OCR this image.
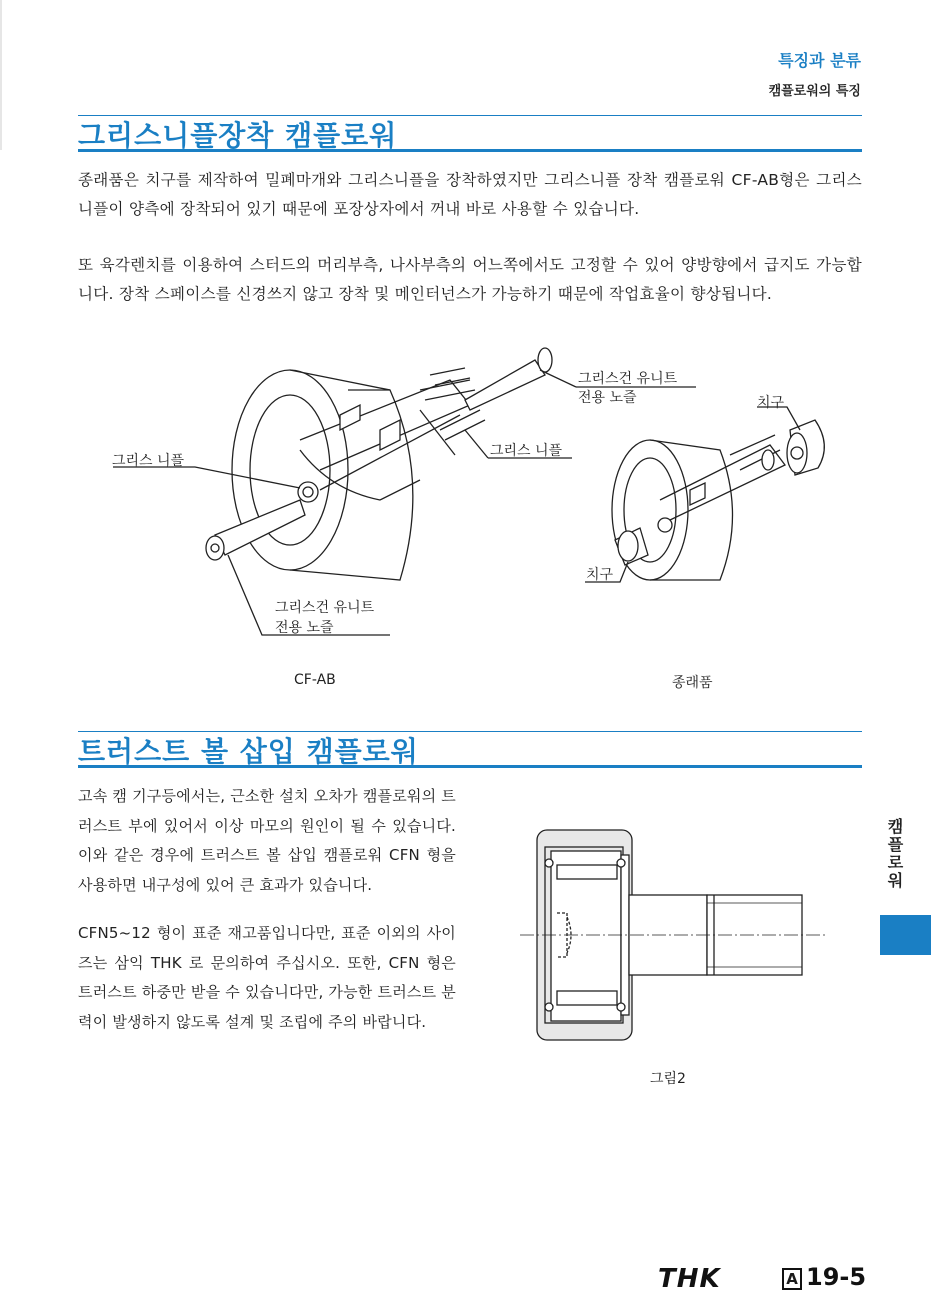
특징과 분류
캠플로워의 특징
그리스니플장착 캠플로워

종래품은 치구를 제작하여 밀폐마개와 그리스니플을 장착하였지만 그리스니플 장착 캠플로워 CF-AB형은 그리스니플이 양측에 장착되어 있기 때문에 포장상자에서 꺼내 바로 사용할 수 있습니다.

또 육각렌치를 이용하여 스터드의 머리부측, 나사부측의 어느쪽에서도 고정할 수 있어 양방향에서 급지도 가능합니다. 장착 스페이스를 신경쓰지 않고 장착 및 메인터넌스가 가능하기 때문에 작업효율이 향상됩니다.

그리스건 유니트
전용 노즐
그리스 니플
그리스 니플
그리스건 유니트
전용 노즐
치구
치구
CF-AB	종래품
트러스트 볼 삽입 캠플로워

고속 캠 기구등에서는, 근소한 설치 오차가 캠플로워의 트러스트 부에 있어서 이상 마모의 원인이 될 수 있습니다. 이와 같은 경우에 트러스트 볼 삽입 캠플로워 CFN 형을 사용하면 내구성에 있어 큰 효과가 있습니다.

CFN5~12 형이 표준 재고품입니다만, 표준 이외의 사이즈는 삼익 THK 로 문의하여 주십시오. 또한, CFN 형은 트러스트 하중만 받을 수 있습니다만, 가능한 트러스트 분력이 발생하지 않도록 설계 및 조립에 주의 바랍니다.

그림2
캠플로워
THK	A 19-5
